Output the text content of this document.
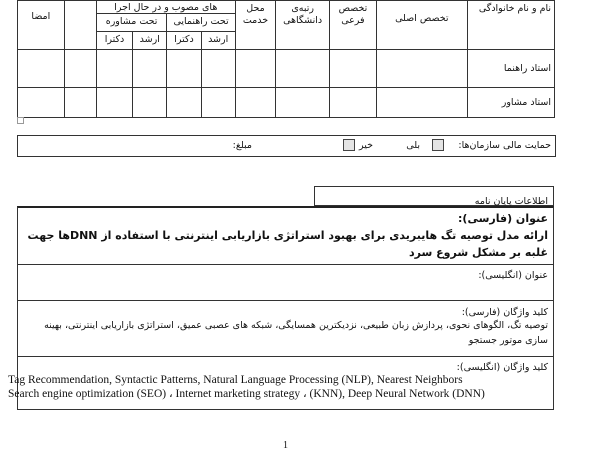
نام و نام خانوادگی	تخصص اصلی	تخصص فرعی	رتبه‌ی دانشگاهی	محل خدمت	های مصوب و در حال اجرا					امضا
					تحت راهنمایی		تحت مشاوره			
					ارشد	دکترا	ارشد	دکترا		
استاد راهنما										
استاد مشاور										
حمایت مالی سازمان‌ها:
بلی
خیر
مبلغ:
اطلاعات پایان نامه
عنوان (فارسی):
ارائه مدل توصیه تگ هایبریدی برای بهبود استراتژی بازاریابی اینترنتی با استفاده از DNNها جهت غلبه بر مشکل شروع سرد
عنوان (انگلیسی):
کلید واژگان (فارسی):
توصیه تگ، الگوهای نحوی، پردازش زبان طبیعی، نزدیکترین همسایگی، شبکه های عصبی عمیق، استراتژی بازاریابی اینترنتی، بهینه سازی موتور جستجو
کلید واژگان (انگلیسی):
Tag Recommendation, Syntactic Patterns, Natural Language Processing (NLP), Nearest Neighbors
Search engine optimization (SEO) ، Internet marketing strategy ، (KNN), Deep Neural Network (DNN)
1
